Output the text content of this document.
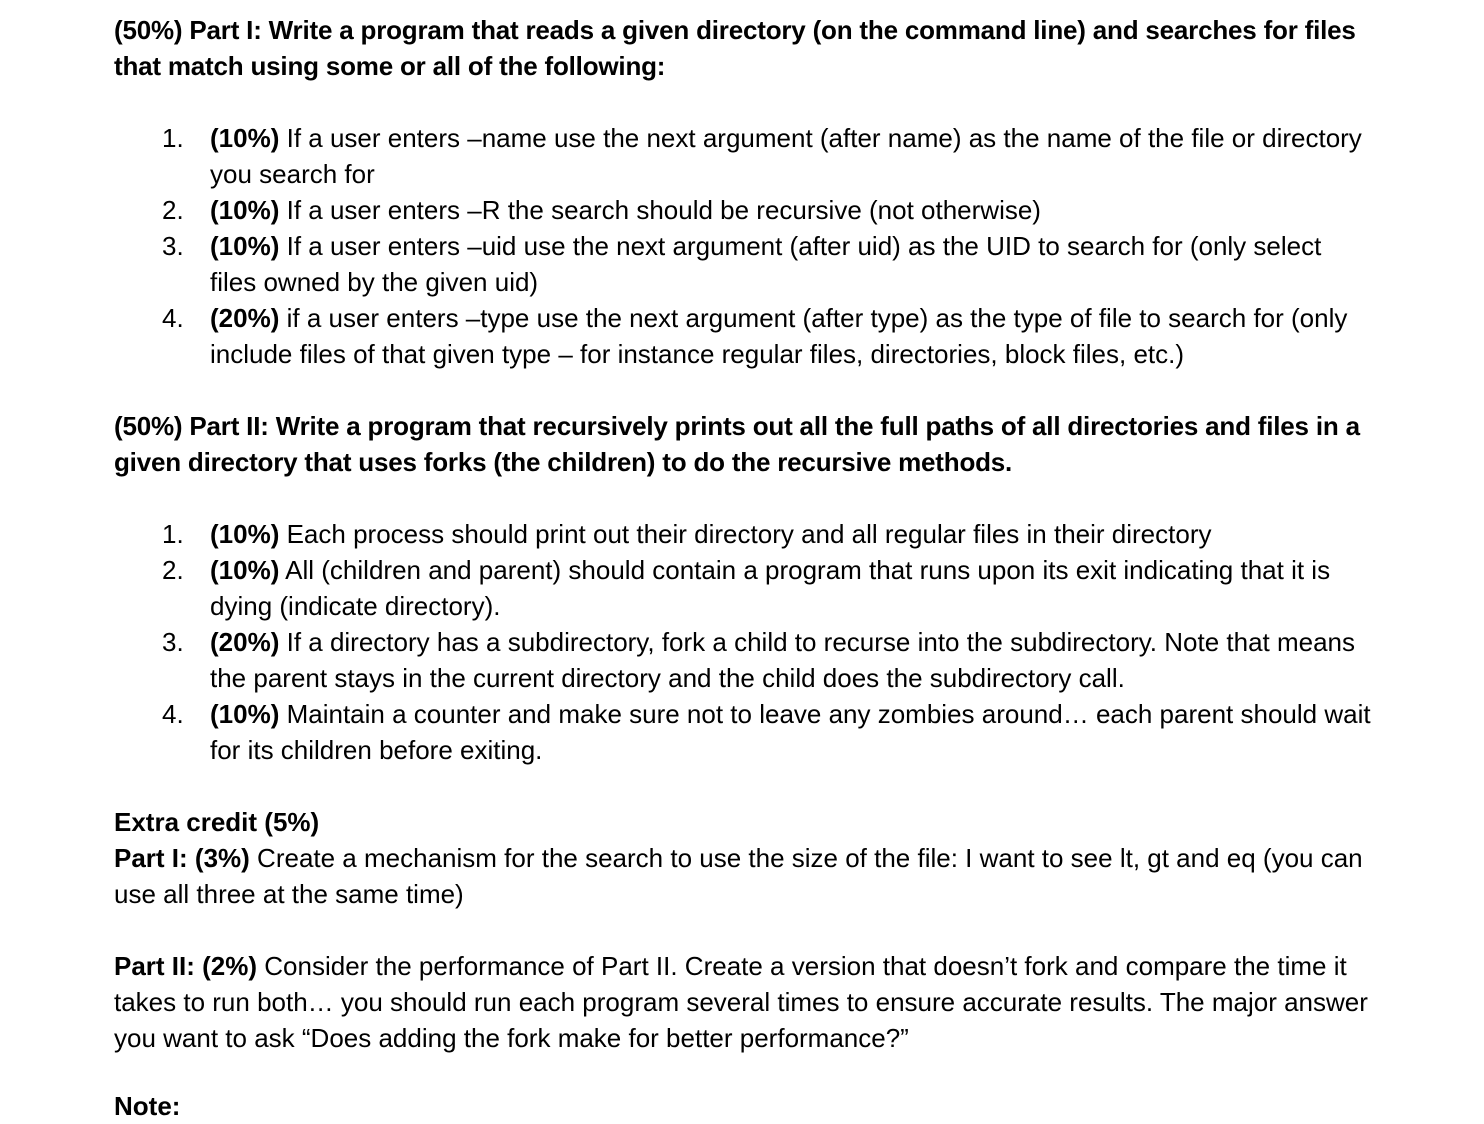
(50%) Part I: Write a program that reads a given directory (on the command line) and searches for files that match using some or all of the following:

1. (10%) If a user enters –name use the next argument (after name) as the name of the file or directory you search for
2. (10%) If a user enters –R the search should be recursive (not otherwise)
3. (10%) If a user enters –uid use the next argument (after uid) as the UID to search for (only select files owned by the given uid)
4. (20%) if a user enters –type use the next argument (after type) as the type of file to search for (only include files of that given type – for instance regular files, directories, block files, etc.)

(50%) Part II: Write a program that recursively prints out all the full paths of all directories and files in a given directory that uses forks (the children) to do the recursive methods.

1. (10%) Each process should print out their directory and all regular files in their directory
2. (10%) All (children and parent) should contain a program that runs upon its exit indicating that it is dying (indicate directory).
3. (20%) If a directory has a subdirectory, fork a child to recurse into the subdirectory. Note that means the parent stays in the current directory and the child does the subdirectory call.
4. (10%) Maintain a counter and make sure not to leave any zombies around… each parent should wait for its children before exiting.

Extra credit (5%)

Part I: (3%) Create a mechanism for the search to use the size of the file: I want to see lt, gt and eq (you can use all three at the same time)

Part II: (2%) Consider the performance of Part II. Create a version that doesn’t fork and compare the time it takes to run both… you should run each program several times to ensure accurate results. The major answer you want to ask “Does adding the fork make for better performance?”

Note:
